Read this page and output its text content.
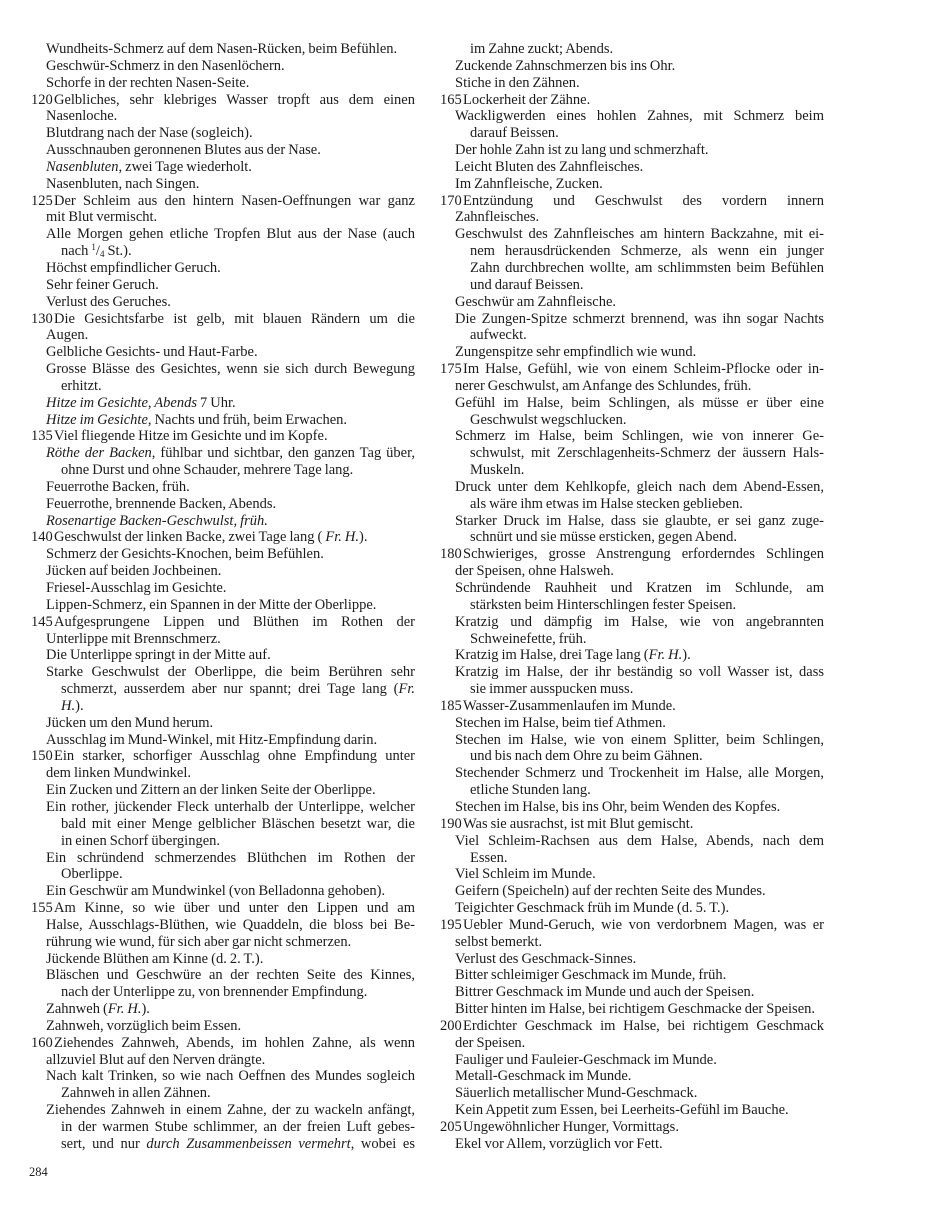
Wundheits-Schmerz auf dem Nasen-Rücken, beim Befühlen.
Geschwür-Schmerz in den Nasenlöchern.
Schorfe in der rechten Nasen-Seite.
120Gelbliches, sehr klebriges Wasser tropft aus dem einen
Nasenloche.
Blutdrang nach der Nase (sogleich).
Ausschnauben geronnenen Blutes aus der Nase.
Nasenbluten, zwei Tage wiederholt.
Nasenbluten, nach Singen.
125Der Schleim aus den hintern Nasen-Oeffnungen war ganz
mit Blut vermischt.
Alle Morgen gehen etliche Tropfen Blut aus der Nase (auch
nach $^1/_4$ St.).
Höchst empfindlicher Geruch.
Sehr feiner Geruch.
Verlust des Geruches.
130Die Gesichtsfarbe ist gelb, mit blauen Rändern um die
Augen.
Gelbliche Gesichts- und Haut-Farbe.
Grosse Blässe des Gesichtes, wenn sie sich durch Bewegung
erhitzt.
Hitze im Gesichte, Abends 7 Uhr.
Hitze im Gesichte, Nachts und früh, beim Erwachen.
135Viel fliegende Hitze im Gesichte und im Kopfe.
Röthe der Backen, fühlbar und sichtbar, den ganzen Tag über,
ohne Durst und ohne Schauder, mehrere Tage lang.
Feuerrothe Backen, früh.
Feuerrothe, brennende Backen, Abends.
Rosenartige Backen-Geschwulst, früh.
140Geschwulst der linken Backe, zwei Tage lang ( Fr. H.).
Schmerz der Gesichts-Knochen, beim Befühlen.
Jücken auf beiden Jochbeinen.
Friesel-Ausschlag im Gesichte.
Lippen-Schmerz, ein Spannen in der Mitte der Oberlippe.
145Aufgesprungene Lippen und Blüthen im Rothen der
Unterlippe mit Brennschmerz.
Die Unterlippe springt in der Mitte auf.
Starke Geschwulst der Oberlippe, die beim Berühren sehr
schmerzt, ausserdem aber nur spannt; drei Tage lang (Fr.
H.).
Jücken um den Mund herum.
Ausschlag im Mund-Winkel, mit Hitz-Empfindung darin.
150Ein starker, schorfiger Ausschlag ohne Empfindung unter
dem linken Mundwinkel.
Ein Zucken und Zittern an der linken Seite der Oberlippe.
Ein rother, jückender Fleck unterhalb der Unterlippe, welcher
bald mit einer Menge gelblicher Bläschen besetzt war, die
in einen Schorf übergingen.
Ein schründend schmerzendes Blüthchen im Rothen der
Oberlippe.
Ein Geschwür am Mundwinkel (von Belladonna gehoben).
155Am Kinne, so wie über und unter den Lippen und am
Halse, Ausschlags-Blüthen, wie Quaddeln, die bloss bei Be-
rührung wie wund, für sich aber gar nicht schmerzen.
Jückende Blüthen am Kinne (d. 2. T.).
Bläschen und Geschwüre an der rechten Seite des Kinnes,
nach der Unterlippe zu, von brennender Empfindung.
Zahnweh (Fr. H.).
Zahnweh, vorzüglich beim Essen.
160Ziehendes Zahnweh, Abends, im hohlen Zahne, als wenn
allzuviel Blut auf den Nerven drängte.
Nach kalt Trinken, so wie nach Oeffnen des Mundes sogleich
Zahnweh in allen Zähnen.
Ziehendes Zahnweh in einem Zahne, der zu wackeln anfängt,
in der warmen Stube schlimmer, an der freien Luft gebes-
sert, und nur durch Zusammenbeissen vermehrt, wobei es
im Zahne zuckt; Abends.
Zuckende Zahnschmerzen bis ins Ohr.
Stiche in den Zähnen.
165Lockerheit der Zähne.
Wackligwerden eines hohlen Zahnes, mit Schmerz beim
darauf Beissen.
Der hohle Zahn ist zu lang und schmerzhaft.
Leicht Bluten des Zahnfleisches.
Im Zahnfleische, Zucken.
170Entzündung und Geschwulst des vordern innern
Zahnfleisches.
Geschwulst des Zahnfleisches am hintern Backzahne, mit ei-
nem herausdrückenden Schmerze, als wenn ein junger
Zahn durchbrechen wollte, am schlimmsten beim Befühlen
und darauf Beissen.
Geschwür am Zahnfleische.
Die Zungen-Spitze schmerzt brennend, was ihn sogar Nachts
aufweckt.
Zungenspitze sehr empfindlich wie wund.
175Im Halse, Gefühl, wie von einem Schleim-Pflocke oder in-
nerer Geschwulst, am Anfange des Schlundes, früh.
Gefühl im Halse, beim Schlingen, als müsse er über eine
Geschwulst wegschlucken.
Schmerz im Halse, beim Schlingen, wie von innerer Ge-
schwulst, mit Zerschlagenheits-Schmerz der äussern Hals-
Muskeln.
Druck unter dem Kehlkopfe, gleich nach dem Abend-Essen,
als wäre ihm etwas im Halse stecken geblieben.
Starker Druck im Halse, dass sie glaubte, er sei ganz zuge-
schnürt und sie müsse ersticken, gegen Abend.
180Schwieriges, grosse Anstrengung erforderndes Schlingen
der Speisen, ohne Halsweh.
Schründende Rauhheit und Kratzen im Schlunde, am
stärksten beim Hinterschlingen fester Speisen.
Kratzig und dämpfig im Halse, wie von angebrannten
Schweinefette, früh.
Kratzig im Halse, drei Tage lang (Fr. H.).
Kratzig im Halse, der ihr beständig so voll Wasser ist, dass
sie immer ausspucken muss.
185Wasser-Zusammenlaufen im Munde.
Stechen im Halse, beim tief Athmen.
Stechen im Halse, wie von einem Splitter, beim Schlingen,
und bis nach dem Ohre zu beim Gähnen.
Stechender Schmerz und Trockenheit im Halse, alle Morgen,
etliche Stunden lang.
Stechen im Halse, bis ins Ohr, beim Wenden des Kopfes.
190Was sie ausrachst, ist mit Blut gemischt.
Viel Schleim-Rachsen aus dem Halse, Abends, nach dem
Essen.
Viel Schleim im Munde.
Geifern (Speicheln) auf der rechten Seite des Mundes.
Teigichter Geschmack früh im Munde (d. 5. T.).
195Uebler Mund-Geruch, wie von verdorbnem Magen, was er
selbst bemerkt.
Verlust des Geschmack-Sinnes.
Bitter schleimiger Geschmack im Munde, früh.
Bittrer Geschmack im Munde und auch der Speisen.
Bitter hinten im Halse, bei richtigem Geschmacke der Speisen.
200Erdichter Geschmack im Halse, bei richtigem Geschmack
der Speisen.
Fauliger und Fauleier-Geschmack im Munde.
Metall-Geschmack im Munde.
Säuerlich metallischer Mund-Geschmack.
Kein Appetit zum Essen, bei Leerheits-Gefühl im Bauche.
205Ungewöhnlicher Hunger, Vormittags.
Ekel vor Allem, vorzüglich vor Fett.
284
